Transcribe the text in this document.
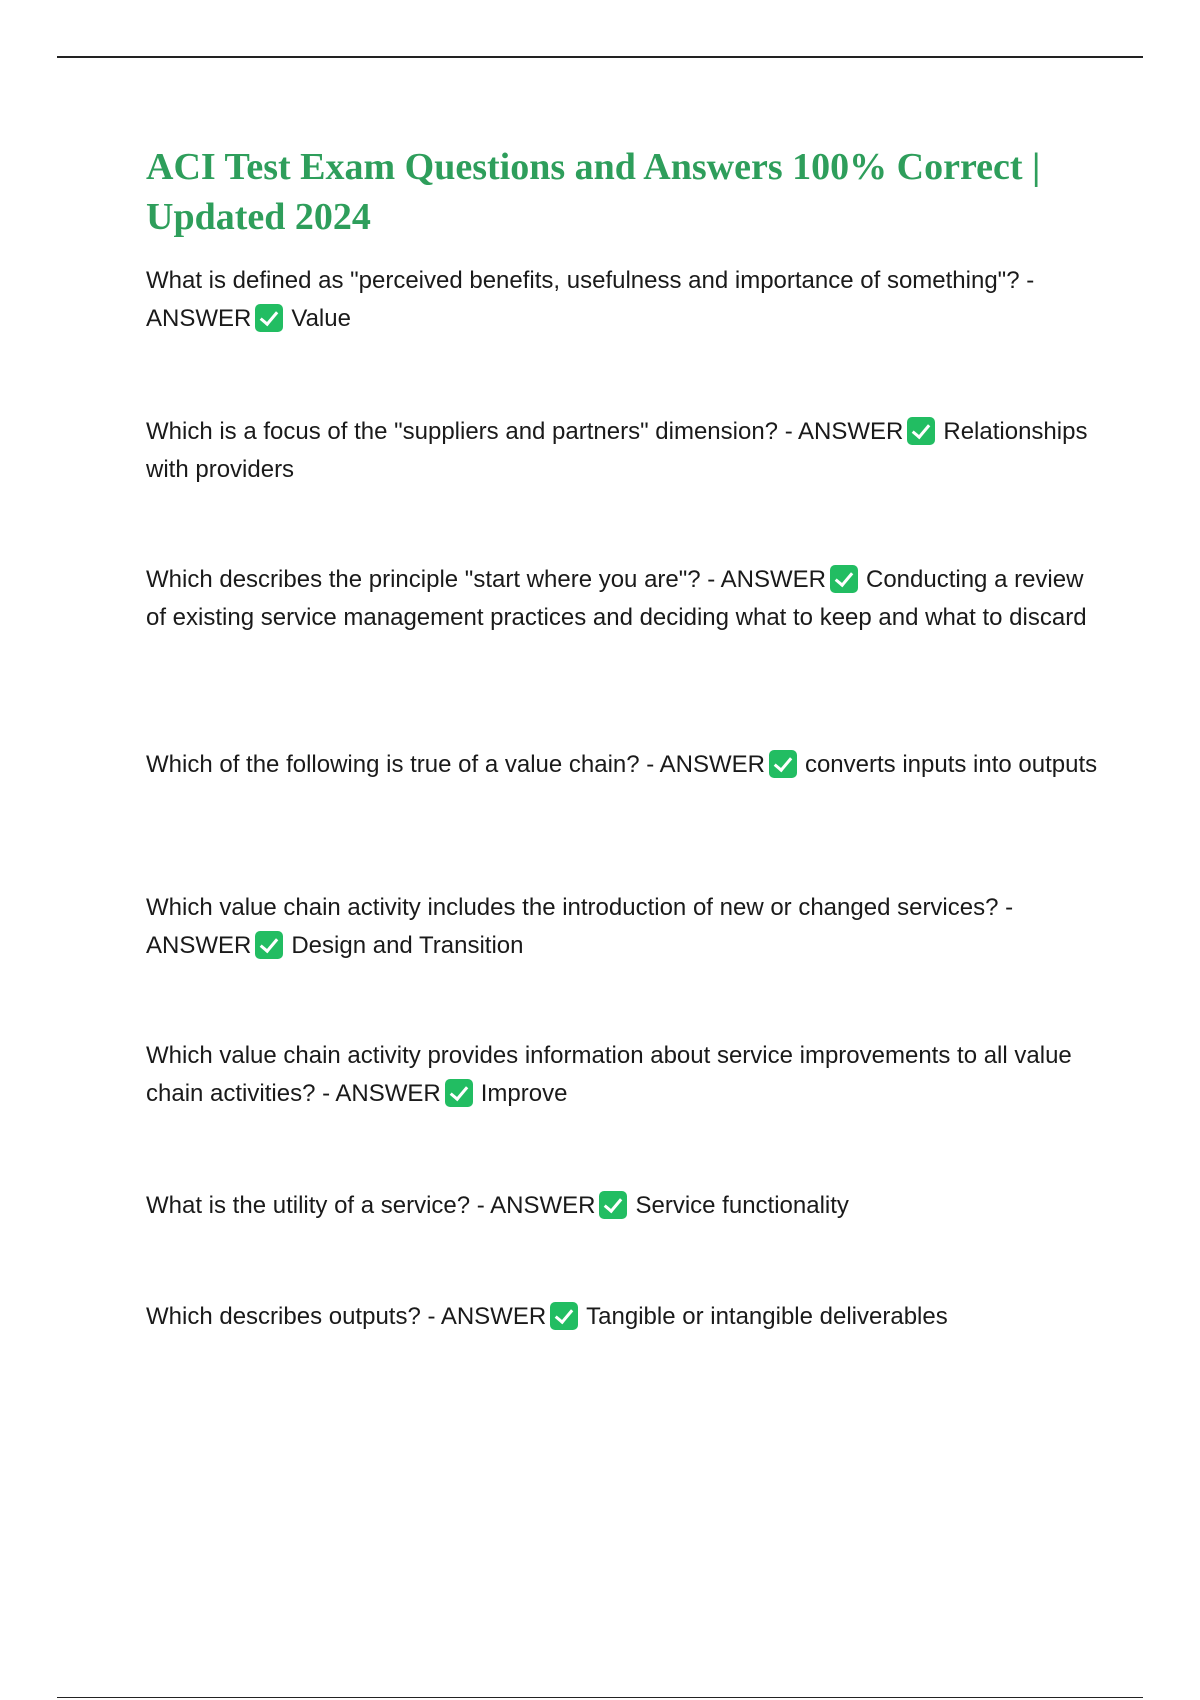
ACI Test Exam Questions and Answers 100% Correct | Updated 2024

What is defined as "perceived benefits, usefulness and importance of something"? - ANSWER Value

Which is a focus of the "suppliers and partners" dimension? - ANSWER Relationships with providers

Which describes the principle "start where you are"? - ANSWER Conducting a review of existing service management practices and deciding what to keep and what to discard

Which of the following is true of a value chain? - ANSWER converts inputs into outputs

Which value chain activity includes the introduction of new or changed services? - ANSWER Design and Transition

Which value chain activity provides information about service improvements to all value chain activities? - ANSWER Improve

What is the utility of a service? - ANSWER Service functionality

Which describes outputs? - ANSWER Tangible or intangible deliverables
